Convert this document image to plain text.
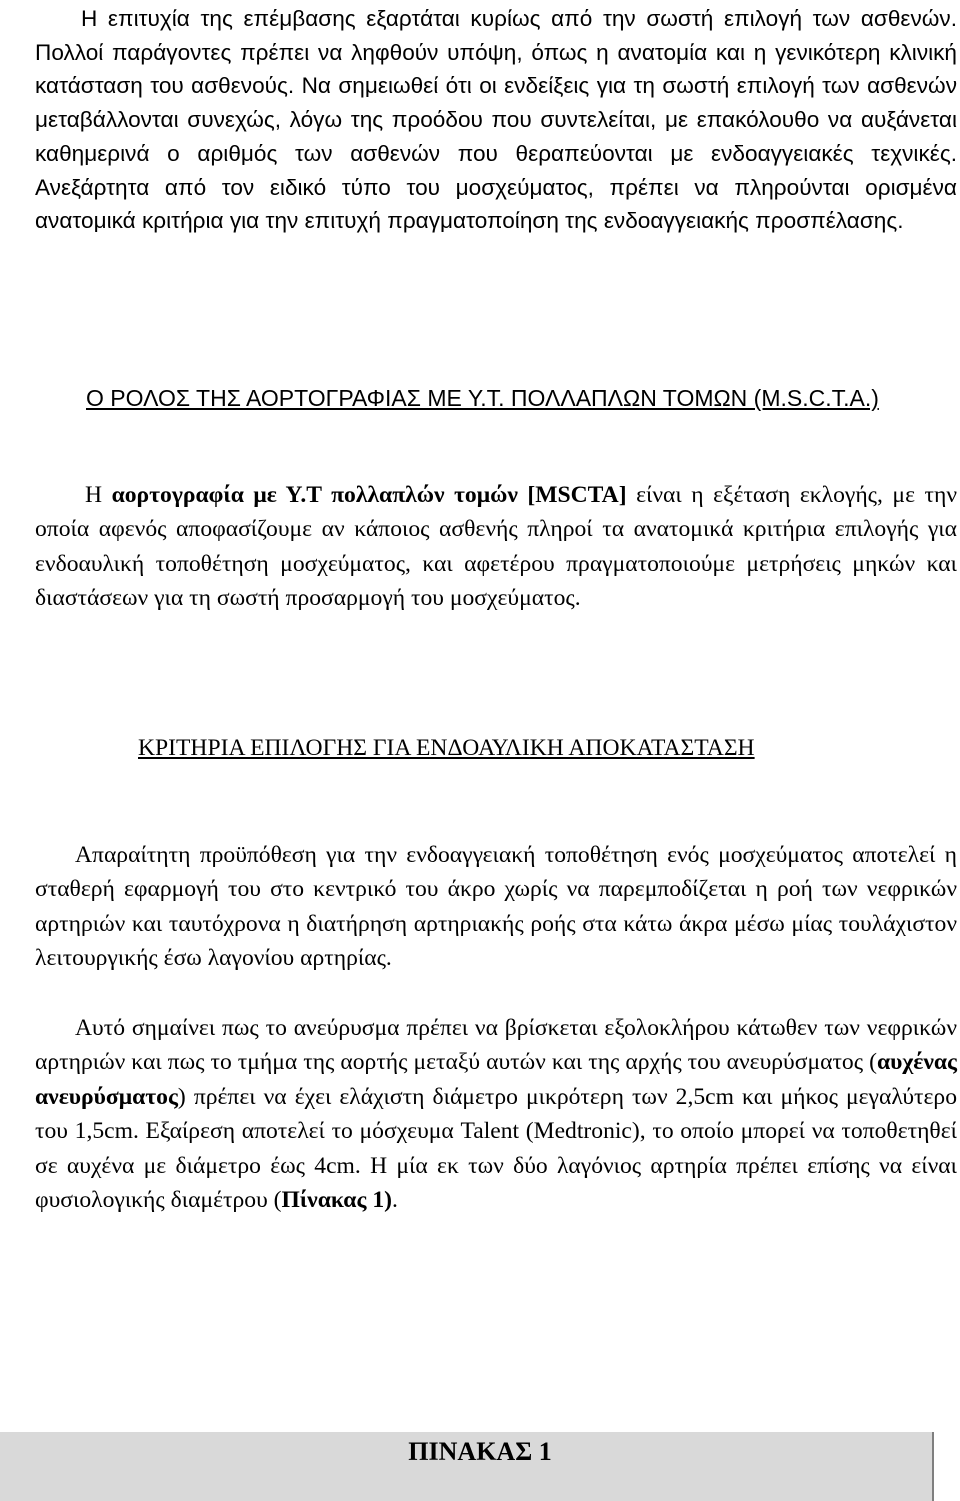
Η επιτυχία της επέμβασης εξαρτάται κυρίως από την σωστή επιλογή των ασθενών. Πολλοί παράγοντες πρέπει να ληφθούν υπόψη, όπως η ανατομία και η γενικότερη κλινική κατάσταση του ασθενούς. Να σημειωθεί ότι οι ενδείξεις για τη σωστή επιλογή των ασθενών μεταβάλλονται συνεχώς, λόγω της προόδου που συντελείται, με επακόλουθο να αυξάνεται καθημερινά ο αριθμός των ασθενών που θεραπεύονται με ενδοαγγειακές τεχνικές. Ανεξάρτητα από τον ειδικό τύπο του μοσχεύματος, πρέπει να πληρούνται ορισμένα ανατομικά κριτήρια για την επιτυχή πραγματοποίηση της ενδοαγγειακής προσπέλασης.

Ο ΡΟΛΟΣ ΤΗΣ ΑΟΡΤΟΓΡΑΦΙΑΣ ΜΕ Υ.Τ. ΠΟΛΛΑΠΛΩΝ ΤΟΜΩΝ (M.S.C.T.A.)

Η αορτογραφία με Υ.Τ πολλαπλών τομών [MSCTA] είναι η εξέταση εκλογής, με την οποία αφενός αποφασίζουμε αν κάποιος ασθενής πληροί τα ανατομικά κριτήρια επιλογής για ενδοαυλική τοποθέτηση μοσχεύματος, και αφετέρου πραγματοποιούμε μετρήσεις μηκών και διαστάσεων για τη σωστή προσαρμογή του μοσχεύματος.

ΚΡΙΤΗΡΙΑ ΕΠΙΛΟΓΗΣ ΓΙΑ ΕΝΔΟΑΥΛΙΚΗ ΑΠΟΚΑΤΑΣΤΑΣΗ

Απαραίτητη προϋπόθεση για την ενδοαγγειακή τοποθέτηση ενός μοσχεύματος αποτελεί η σταθερή εφαρμογή του στο κεντρικό του άκρο χωρίς να παρεμποδίζεται η ροή των νεφρικών αρτηριών και ταυτόχρονα η διατήρηση αρτηριακής ροής στα κάτω άκρα μέσω μίας τουλάχιστον λειτουργικής έσω λαγονίου αρτηρίας.

Αυτό σημαίνει πως το ανεύρυσμα πρέπει να βρίσκεται εξολοκλήρου κάτωθεν των νεφρικών αρτηριών και πως το τμήμα της αορτής μεταξύ αυτών και της αρχής του ανευρύσματος (αυχένας ανευρύσματος) πρέπει να έχει ελάχιστη διάμετρο μικρότερη των 2,5cm και μήκος μεγαλύτερο του 1,5cm. Εξαίρεση αποτελεί το μόσχευμα Talent (Medtronic), το οποίο μπορεί να τοποθετηθεί σε αυχένα με διάμετρο έως 4cm. Η μία εκ των δύο λαγόνιος αρτηρία πρέπει επίσης να είναι φυσιολογικής διαμέτρου (Πίνακας 1).

ΠΙΝΑΚΑΣ 1
